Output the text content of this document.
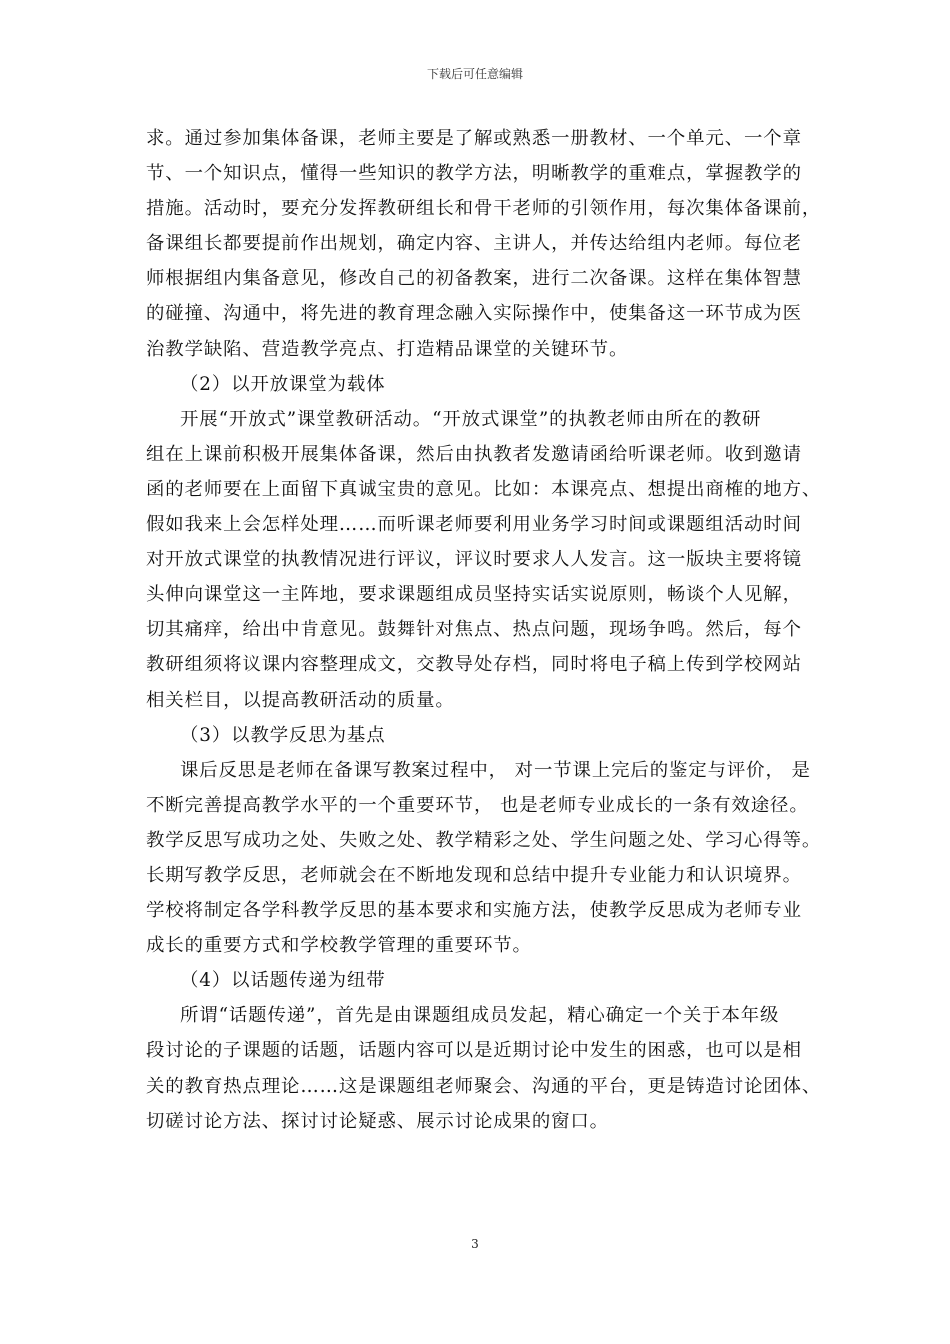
下载后可任意编辑
求。通过参加集体备课，老师主要是了解或熟悉一册教材、一个单元、一个章
节、一个知识点，懂得一些知识的教学方法，明晰教学的重难点，掌握教学的
措施。活动时，要充分发挥教研组长和骨干老师的引领作用，每次集体备课前，
备课组长都要提前作出规划，确定内容、主讲人，并传达给组内老师。每位老
师根据组内集备意见，修改自己的初备教案，进行二次备课。这样在集体智慧
的碰撞、沟通中，将先进的教育理念融入实际操作中，使集备这一环节成为医
治教学缺陷、营造教学亮点、打造精品课堂的关键环节。
（2）以开放课堂为载体
开展“开放式”课堂教研活动。“开放式课堂”的执教老师由所在的教研
组在上课前积极开展集体备课，然后由执教者发邀请函给听课老师。收到邀请
函的老师要在上面留下真诚宝贵的意见。比如：本课亮点、想提出商榷的地方、
假如我来上会怎样处理……而听课老师要利用业务学习时间或课题组活动时间
对开放式课堂的执教情况进行评议，评议时要求人人发言。这一版块主要将镜
头伸向课堂这一主阵地，要求课题组成员坚持实话实说原则，畅谈个人见解，
切其痛痒，给出中肯意见。鼓舞针对焦点、热点问题，现场争鸣。然后，每个
教研组须将议课内容整理成文，交教导处存档，同时将电子稿上传到学校网站
相关栏目，以提高教研活动的质量。
（3）以教学反思为基点
课后反思是老师在备课写教案过程中， 对一节课上完后的鉴定与评价， 是
不断完善提高教学水平的一个重要环节， 也是老师专业成长的一条有效途径。
教学反思写成功之处、失败之处、教学精彩之处、学生问题之处、学习心得等。
长期写教学反思，老师就会在不断地发现和总结中提升专业能力和认识境界。
学校将制定各学科教学反思的基本要求和实施方法，使教学反思成为老师专业
成长的重要方式和学校教学管理的重要环节。
（4）以话题传递为纽带
所谓“话题传递”，首先是由课题组成员发起，精心确定一个关于本年级
段讨论的子课题的话题，话题内容可以是近期讨论中发生的困惑，也可以是相
关的教育热点理论……这是课题组老师聚会、沟通的平台，更是铸造讨论团体、
切磋讨论方法、探讨讨论疑惑、展示讨论成果的窗口。
3
